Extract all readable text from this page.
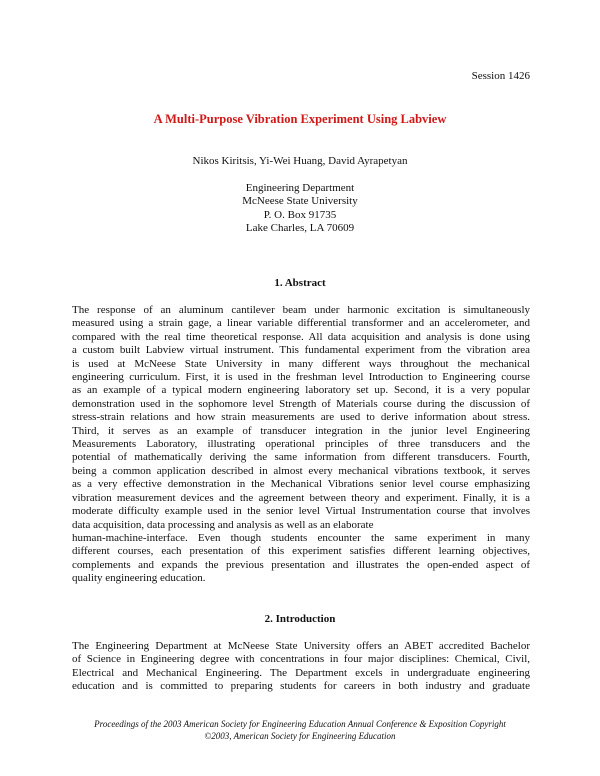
Session 1426
A Multi-Purpose Vibration Experiment Using Labview
Nikos Kiritsis, Yi-Wei Huang, David Ayrapetyan
Engineering Department
McNeese State University
P. O. Box 91735
Lake Charles, LA 70609
1. Abstract
The response of an aluminum cantilever beam under harmonic excitation is simultaneously
measured using a strain gage, a linear variable differential transformer and an accelerometer, and
compared with the real time theoretical response. All data acquisition and analysis is done using
a custom built Labview virtual instrument. This fundamental experiment from the vibration area
is used at McNeese State University in many different ways throughout the mechanical
engineering curriculum. First, it is used in the freshman level Introduction to Engineering course
as an example of a typical modern engineering laboratory set up. Second, it is a very popular
demonstration used in the sophomore level Strength of Materials course during the discussion of
stress-strain relations and how strain measurements are used to derive information about stress.
Third, it serves as an example of transducer integration in the junior level Engineering
Measurements Laboratory, illustrating operational principles of three transducers and the
potential of mathematically deriving the same information from different transducers. Fourth,
being a common application described in almost every mechanical vibrations textbook, it serves
as a very effective demonstration in the Mechanical Vibrations senior level course emphasizing
vibration measurement devices and the agreement between theory and experiment. Finally, it is a
moderate difficulty example used in the senior level Virtual Instrumentation course that involves
data acquisition, data processing and analysis as well as an elaborate
human-machine-interface. Even though students encounter the same experiment in many
different courses, each presentation of this experiment satisfies different learning objectives,
complements and expands the previous presentation and illustrates the open-ended aspect of
quality engineering education.
2. Introduction
The Engineering Department at McNeese State University offers an ABET accredited Bachelor
of Science in Engineering degree with concentrations in four major disciplines: Chemical, Civil,
Electrical and Mechanical Engineering. The Department excels in undergraduate engineering
education and is committed to preparing students for careers in both industry and graduate
Proceedings of the 2003 American Society for Engineering Education Annual Conference & Exposition Copyright
©2003, American Society for Engineering Education
